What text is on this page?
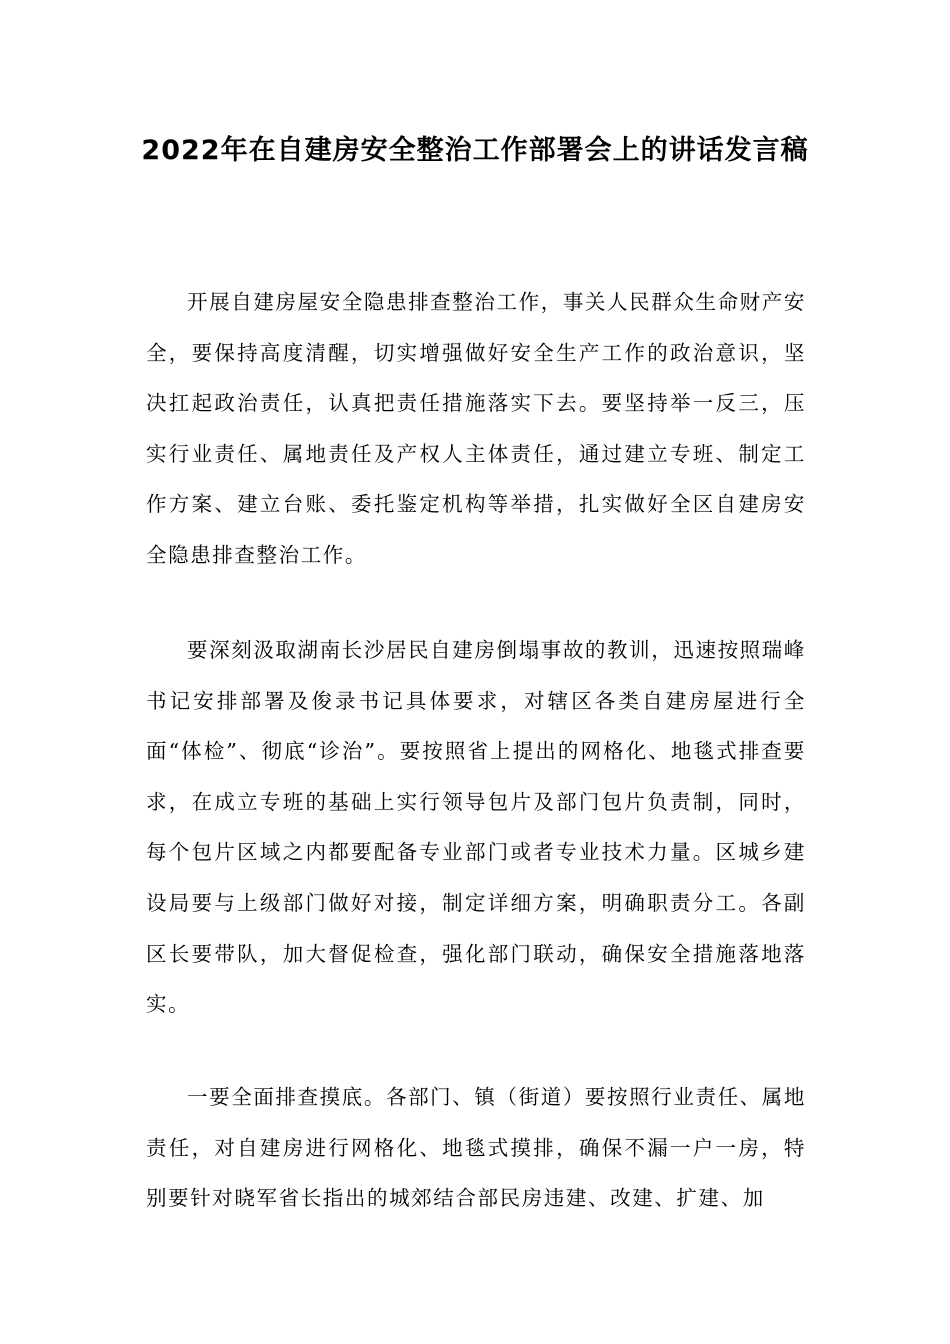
2022年在自建房安全整治工作部署会上的讲话发言稿

开展自建房屋安全隐患排查整治工作，事关人民群众生命财产安全，要保持高度清醒，切实增强做好安全生产工作的政治意识，坚决扛起政治责任，认真把责任措施落实下去。要坚持举一反三，压实行业责任、属地责任及产权人主体责任，通过建立专班、制定工作方案、建立台账、委托鉴定机构等举措，扎实做好全区自建房安全隐患排查整治工作。

要深刻汲取湖南长沙居民自建房倒塌事故的教训，迅速按照瑞峰书记安排部署及俊录书记具体要求，对辖区各类自建房屋进行全面“体检”、彻底“诊治”。要按照省上提出的网格化、地毯式排查要求，在成立专班的基础上实行领导包片及部门包片负责制，同时，每个包片区域之内都要配备专业部门或者专业技术力量。区城乡建设局要与上级部门做好对接，制定详细方案，明确职责分工。各副区长要带队，加大督促检查，强化部门联动，确保安全措施落地落实。

一要全面排查摸底。各部门、镇（街道）要按照行业责任、属地责任，对自建房进行网格化、地毯式摸排，确保不漏一户一房，特别要针对晓军省长指出的城郊结合部民房违建、改建、扩建、加
